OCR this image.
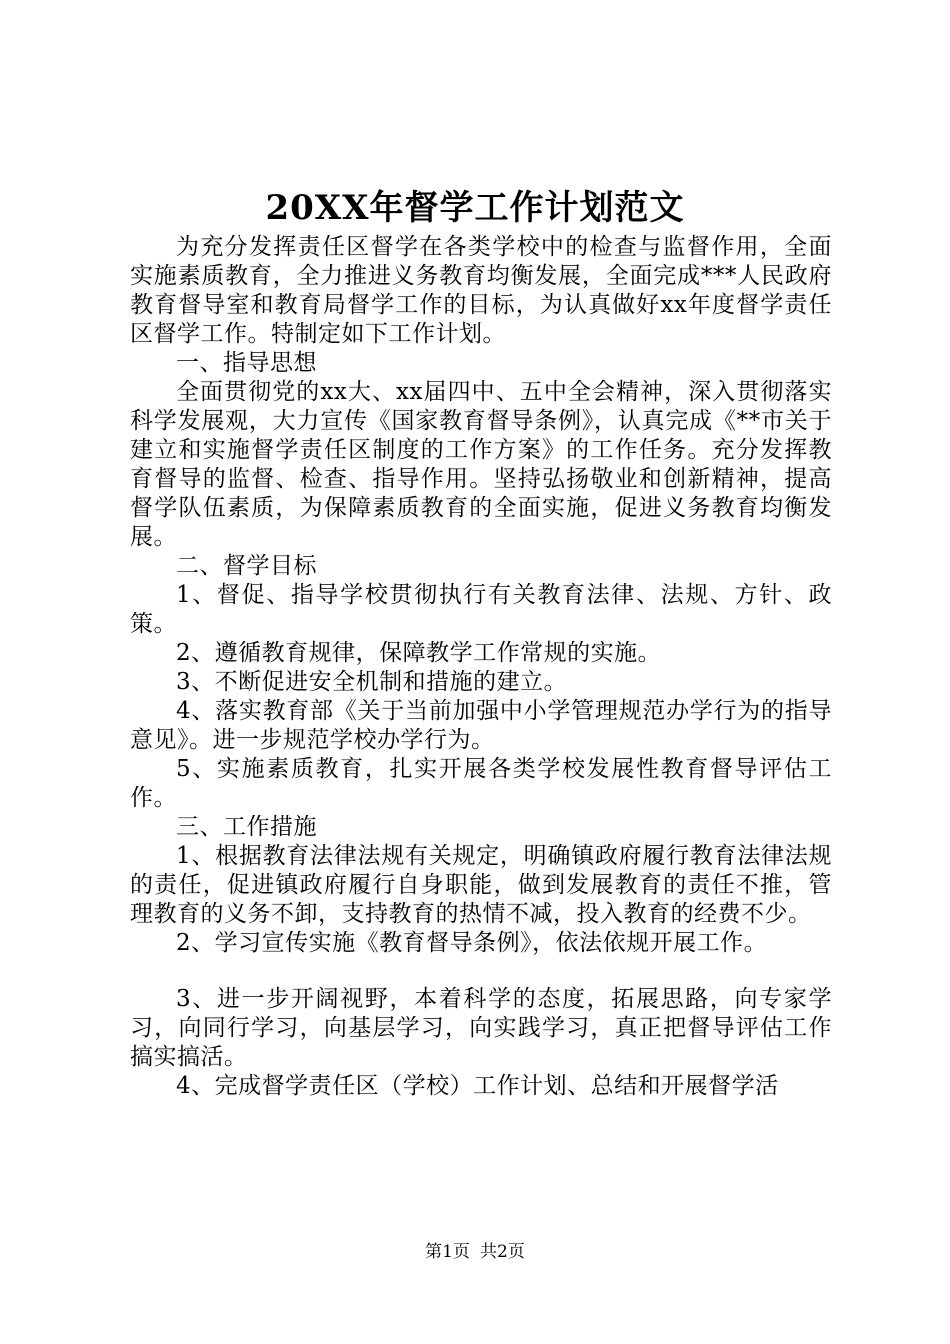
20XX年督学工作计划范文

为充分发挥责任区督学在各类学校中的检查与监督作用，全面实施素质教育，全力推进义务教育均衡发展，全面完成***人民政府教育督导室和教育局督学工作的目标，为认真做好xx年度督学责任区督学工作。特制定如下工作计划。

一、指导思想

全面贯彻党的xx大、xx届四中、五中全会精神，深入贯彻落实科学发展观，大力宣传《国家教育督导条例》，认真完成《**市关于建立和实施督学责任区制度的工作方案》的工作任务。充分发挥教育督导的监督、检查、指导作用。坚持弘扬敬业和创新精神，提高督学队伍素质，为保障素质教育的全面实施，促进义务教育均衡发展。

二、督学目标

1、督促、指导学校贯彻执行有关教育法律、法规、方针、政策。

2、遵循教育规律，保障教学工作常规的实施。

3、不断促进安全机制和措施的建立。

4、落实教育部《关于当前加强中小学管理规范办学行为的指导意见》。进一步规范学校办学行为。

5、实施素质教育，扎实开展各类学校发展性教育督导评估工作。

三、工作措施

1、根据教育法律法规有关规定，明确镇政府履行教育法律法规的责任，促进镇政府履行自身职能，做到发展教育的责任不推，管理教育的义务不卸，支持教育的热情不减，投入教育的经费不少。

2、学习宣传实施《教育督导条例》，依法依规开展工作。

3、进一步开阔视野，本着科学的态度，拓展思路，向专家学习，向同行学习，向基层学习，向实践学习，真正把督导评估工作搞实搞活。

4、完成督学责任区（学校）工作计划、总结和开展督学活

第1页 共2页
